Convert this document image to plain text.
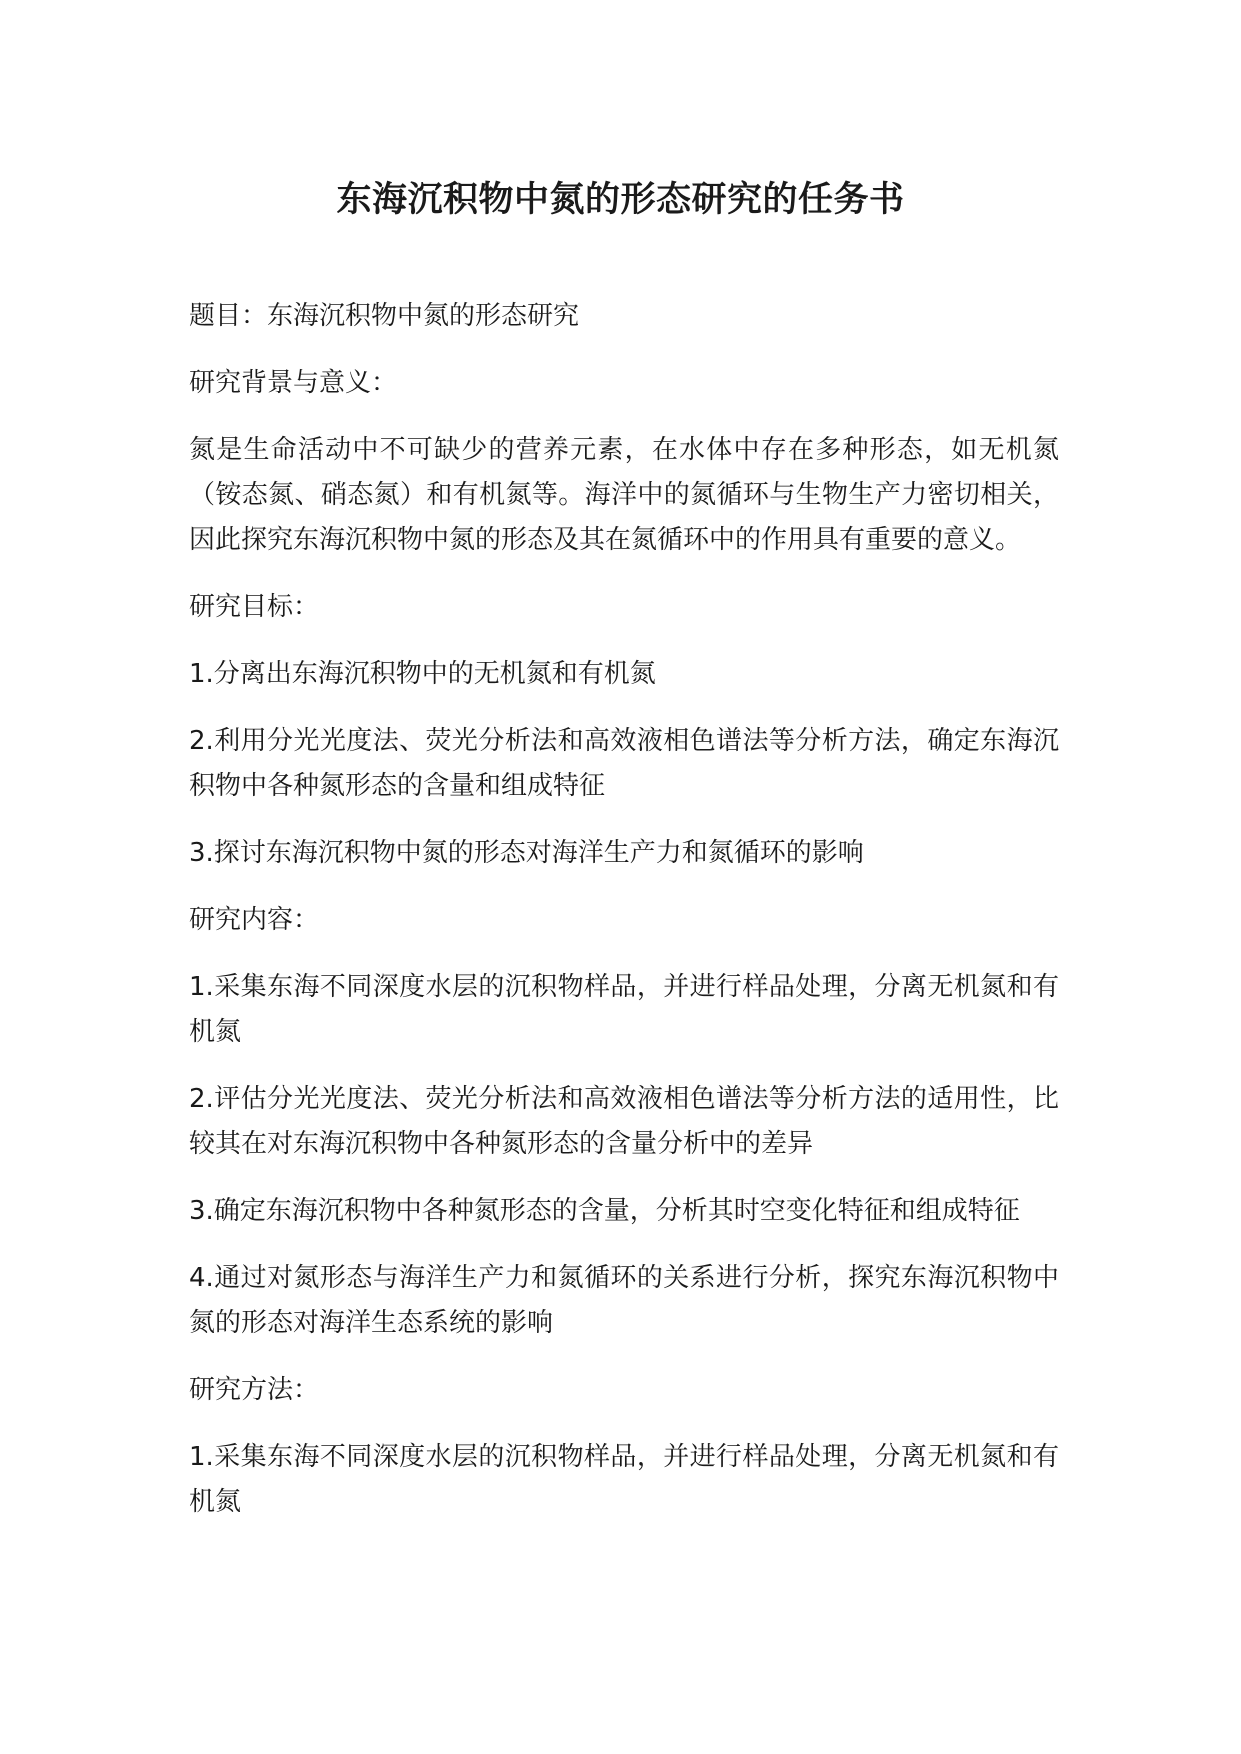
东海沉积物中氮的形态研究的任务书

题目：东海沉积物中氮的形态研究

研究背景与意义：

氮是生命活动中不可缺少的营养元素，在水体中存在多种形态，如无机氮（铵态氮、硝态氮）和有机氮等。海洋中的氮循环与生物生产力密切相关，因此探究东海沉积物中氮的形态及其在氮循环中的作用具有重要的意义。

研究目标：

1.分离出东海沉积物中的无机氮和有机氮

2.利用分光光度法、荧光分析法和高效液相色谱法等分析方法，确定东海沉积物中各种氮形态的含量和组成特征

3.探讨东海沉积物中氮的形态对海洋生产力和氮循环的影响

研究内容：

1.采集东海不同深度水层的沉积物样品，并进行样品处理，分离无机氮和有机氮

2.评估分光光度法、荧光分析法和高效液相色谱法等分析方法的适用性，比较其在对东海沉积物中各种氮形态的含量分析中的差异

3.确定东海沉积物中各种氮形态的含量，分析其时空变化特征和组成特征

4.通过对氮形态与海洋生产力和氮循环的关系进行分析，探究东海沉积物中氮的形态对海洋生态系统的影响

研究方法：

1.采集东海不同深度水层的沉积物样品，并进行样品处理，分离无机氮和有机氮
